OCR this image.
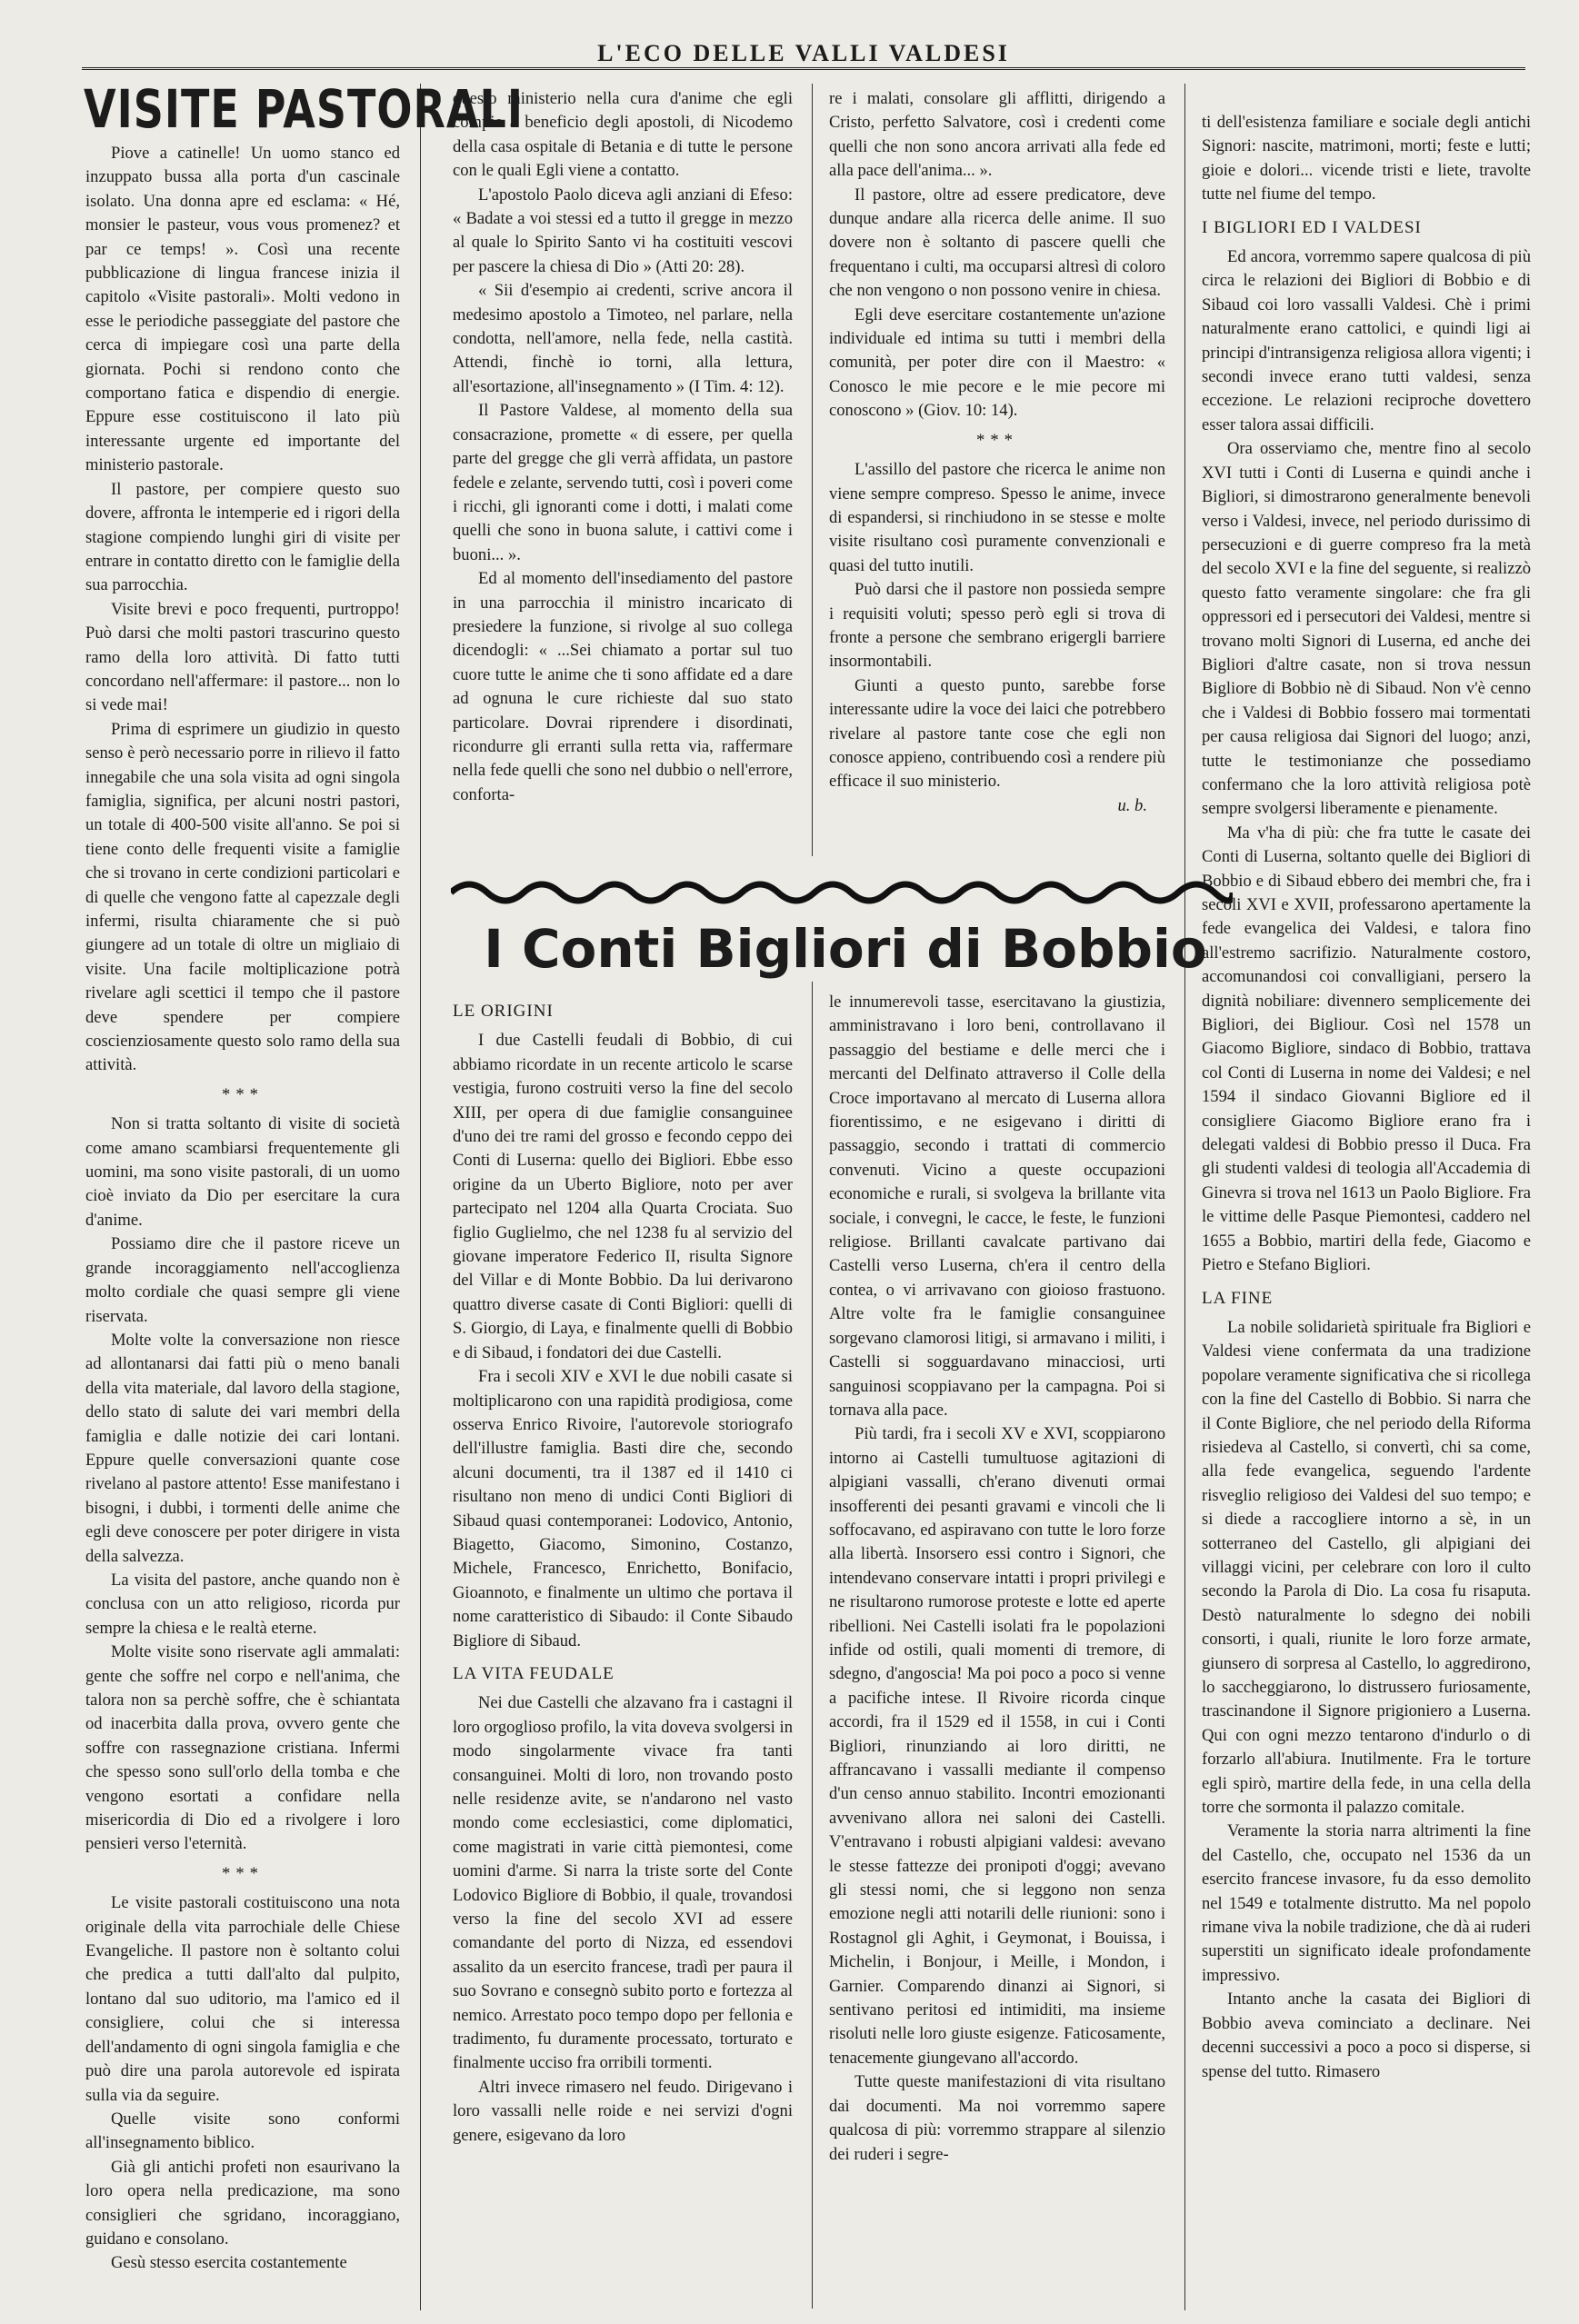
L'ECO DELLE VALLI VALDESI
VISITE PASTORALI

Piove a catinelle! Un uomo stanco ed inzuppato bussa alla porta d'un cascinale isolato. Una donna apre ed esclama: « Hé, monsier le pasteur, vous vous promenez? et par ce temps! ». Così una recente pubblicazione di lingua francese inizia il capitolo «Visite pastorali». Molti vedono in esse le periodiche passeggiate del pastore che cerca di impiegare così una parte della giornata. Pochi si rendono conto che comportano fatica e dispendio di energie. Eppure esse costituiscono il lato più interessante urgente ed importante del ministerio pastorale.

Il pastore, per compiere questo suo dovere, affronta le intemperie ed i rigori della stagione compiendo lunghi giri di visite per entrare in contatto diretto con le famiglie della sua parrocchia.

Visite brevi e poco frequenti, purtroppo! Può darsi che molti pastori trascurino questo ramo della loro attività. Di fatto tutti concordano nell'affermare: il pastore... non lo si vede mai!

Prima di esprimere un giudizio in questo senso è però necessario porre in rilievo il fatto innegabile che una sola visita ad ogni singola famiglia, significa, per alcuni nostri pastori, un totale di 400-500 visite all'anno. Se poi si tiene conto delle frequenti visite a famiglie che si trovano in certe condizioni particolari e di quelle che vengono fatte al capezzale degli infermi, risulta chiaramente che si può giungere ad un totale di oltre un migliaio di visite. Una facile moltiplicazione potrà rivelare agli scettici il tempo che il pastore deve spendere per compiere coscienziosamente questo solo ramo della sua attività.

***

Non si tratta soltanto di visite di società come amano scambiarsi frequentemente gli uomini, ma sono visite pastorali, di un uomo cioè inviato da Dio per esercitare la cura d'anime.

Possiamo dire che il pastore riceve un grande incoraggiamento nell'accoglienza molto cordiale che quasi sempre gli viene riservata.

Molte volte la conversazione non riesce ad allontanarsi dai fatti più o meno banali della vita materiale, dal lavoro della stagione, dello stato di salute dei vari membri della famiglia e dalle notizie dei cari lontani. Eppure quelle conversazioni quante cose rivelano al pastore attento! Esse manifestano i bisogni, i dubbi, i tormenti delle anime che egli deve conoscere per poter dirigere in vista della salvezza.

La visita del pastore, anche quando non è conclusa con un atto religioso, ricorda pur sempre la chiesa e le realtà eterne.

Molte visite sono riservate agli ammalati: gente che soffre nel corpo e nell'anima, che talora non sa perchè soffre, che è schiantata od inacerbita dalla prova, ovvero gente che soffre con rassegnazione cristiana. Infermi che spesso sono sull'orlo della tomba e che vengono esortati a confidare nella misericordia di Dio ed a rivolgere i loro pensieri verso l'eternità.

***

Le visite pastorali costituiscono una nota originale della vita parrochiale delle Chiese Evangeliche. Il pastore non è soltanto colui che predica a tutti dall'alto dal pulpito, lontano dal suo uditorio, ma l'amico ed il consigliere, colui che si interessa dell'andamento di ogni singola famiglia e che può dire una parola autorevole ed ispirata sulla via da seguire.

Quelle visite sono conformi all'insegnamento biblico.

Già gli antichi profeti non esaurivano la loro opera nella predicazione, ma sono consiglieri che sgridano, incoraggiano, guidano e consolano.

Gesù stesso esercita costantemente

questo ministerio nella cura d'anime che egli compie a beneficio degli apostoli, di Nicodemo della casa ospitale di Betania e di tutte le persone con le quali Egli viene a contatto.

L'apostolo Paolo diceva agli anziani di Efeso: « Badate a voi stessi ed a tutto il gregge in mezzo al quale lo Spirito Santo vi ha costituiti vescovi per pascere la chiesa di Dio » (Atti 20: 28).

« Sii d'esempio ai credenti, scrive ancora il medesimo apostolo a Timoteo, nel parlare, nella condotta, nell'amore, nella fede, nella castità. Attendi, finchè io torni, alla lettura, all'esortazione, all'insegnamento » (I Tim. 4: 12).

Il Pastore Valdese, al momento della sua consacrazione, promette « di essere, per quella parte del gregge che gli verrà affidata, un pastore fedele e zelante, servendo tutti, così i poveri come i ricchi, gli ignoranti come i dotti, i malati come quelli che sono in buona salute, i cattivi come i buoni... ».

Ed al momento dell'insediamento del pastore in una parrocchia il ministro incaricato di presiedere la funzione, si rivolge al suo collega dicendogli: « ...Sei chiamato a portar sul tuo cuore tutte le anime che ti sono affidate ed a dare ad ognuna le cure richieste dal suo stato particolare. Dovrai riprendere i disordinati, ricondurre gli erranti sulla retta via, raffermare nella fede quelli che sono nel dubbio o nell'errore, conforta-

re i malati, consolare gli afflitti, dirigendo a Cristo, perfetto Salvatore, così i credenti come quelli che non sono ancora arrivati alla fede ed alla pace dell'anima... ».

Il pastore, oltre ad essere predicatore, deve dunque andare alla ricerca delle anime. Il suo dovere non è soltanto di pascere quelli che frequentano i culti, ma occuparsi altresì di coloro che non vengono o non possono venire in chiesa.

Egli deve esercitare costantemente un'azione individuale ed intima su tutti i membri della comunità, per poter dire con il Maestro: « Conosco le mie pecore e le mie pecore mi conoscono » (Giov. 10: 14).

***

L'assillo del pastore che ricerca le anime non viene sempre compreso. Spesso le anime, invece di espandersi, si rinchiudono in se stesse e molte visite risultano così puramente convenzionali e quasi del tutto inutili.

Può darsi che il pastore non possieda sempre i requisiti voluti; spesso però egli si trova di fronte a persone che sembrano erigergli barriere insormontabili.

Giunti a questo punto, sarebbe forse interessante udire la voce dei laici che potrebbero rivelare al pastore tante cose che egli non conosce appieno, contribuendo così a rendere più efficace il suo ministerio.

u. b.

I Conti Bigliori di Bobbio

LE ORIGINI

I due Castelli feudali di Bobbio, di cui abbiamo ricordate in un recente articolo le scarse vestigia, furono costruiti verso la fine del secolo XIII, per opera di due famiglie consanguinee d'uno dei tre rami del grosso e fecondo ceppo dei Conti di Luserna: quello dei Bigliori. Ebbe esso origine da un Uberto Bigliore, noto per aver partecipato nel 1204 alla Quarta Crociata. Suo figlio Guglielmo, che nel 1238 fu al servizio del giovane imperatore Federico II, risulta Signore del Villar e di Monte Bobbio. Da lui derivarono quattro diverse casate di Conti Bigliori: quelli di S. Giorgio, di Laya, e finalmente quelli di Bobbio e di Sibaud, i fondatori dei due Castelli.

Fra i secoli XIV e XVI le due nobili casate si moltiplicarono con una rapidità prodigiosa, come osserva Enrico Rivoire, l'autorevole storiografo dell'illustre famiglia. Basti dire che, secondo alcuni documenti, tra il 1387 ed il 1410 ci risultano non meno di undici Conti Bigliori di Sibaud quasi contemporanei: Lodovico, Antonio, Biagetto, Giacomo, Simonino, Costanzo, Michele, Francesco, Enrichetto, Bonifacio, Gioannoto, e finalmente un ultimo che portava il nome caratteristico di Sibaudo: il Conte Sibaudo Bigliore di Sibaud.

LA VITA FEUDALE

Nei due Castelli che alzavano fra i castagni il loro orgoglioso profilo, la vita doveva svolgersi in modo singolarmente vivace fra tanti consanguinei. Molti di loro, non trovando posto nelle residenze avite, se n'andarono nel vasto mondo come ecclesiastici, come diplomatici, come magistrati in varie città piemontesi, come uomini d'arme. Si narra la triste sorte del Conte Lodovico Bigliore di Bobbio, il quale, trovandosi verso la fine del secolo XVI ad essere comandante del porto di Nizza, ed essendovi assalito da un esercito francese, tradì per paura il suo Sovrano e consegnò subito porto e fortezza al nemico. Arrestato poco tempo dopo per fellonia e tradimento, fu duramente processato, torturato e finalmente ucciso fra orribili tormenti.

Altri invece rimasero nel feudo. Dirigevano i loro vassalli nelle roide e nei servizi d'ogni genere, esigevano da loro

le innumerevoli tasse, esercitavano la giustizia, amministravano i loro beni, controllavano il passaggio del bestiame e delle merci che i mercanti del Delfinato attraverso il Colle della Croce importavano al mercato di Luserna allora fiorentissimo, e ne esigevano i diritti di passaggio, secondo i trattati di commercio convenuti. Vicino a queste occupazioni economiche e rurali, si svolgeva la brillante vita sociale, i convegni, le cacce, le feste, le funzioni religiose. Brillanti cavalcate partivano dai Castelli verso Luserna, ch'era il centro della contea, o vi arrivavano con gioioso frastuono. Altre volte fra le famiglie consanguinee sorgevano clamorosi litigi, si armavano i militi, i Castelli si sogguardavano minacciosi, urti sanguinosi scoppiavano per la campagna. Poi si tornava alla pace.

Più tardi, fra i secoli XV e XVI, scoppiarono intorno ai Castelli tumultuose agitazioni di alpigiani vassalli, ch'erano divenuti ormai insofferenti dei pesanti gravami e vincoli che li soffocavano, ed aspiravano con tutte le loro forze alla libertà. Insorsero essi contro i Signori, che intendevano conservare intatti i propri privilegi e ne risultarono rumorose proteste e lotte ed aperte ribellioni. Nei Castelli isolati fra le popolazioni infide od ostili, quali momenti di tremore, di sdegno, d'angoscia! Ma poi poco a poco si venne a pacifiche intese. Il Rivoire ricorda cinque accordi, fra il 1529 ed il 1558, in cui i Conti Bigliori, rinunziando ai loro diritti, ne affrancavano i vassalli mediante il compenso d'un censo annuo stabilito. Incontri emozionanti avvenivano allora nei saloni dei Castelli. V'entravano i robusti alpigiani valdesi: avevano le stesse fattezze dei pronipoti d'oggi; avevano gli stessi nomi, che si leggono non senza emozione negli atti notarili delle riunioni: sono i Rostagnol gli Aghit, i Geymonat, i Bouissa, i Michelin, i Bonjour, i Meille, i Mondon, i Garnier. Comparendo dinanzi ai Signori, si sentivano peritosi ed intimiditi, ma insieme risoluti nelle loro giuste esigenze. Faticosamente, tenacemente giungevano all'accordo.

Tutte queste manifestazioni di vita risultano dai documenti. Ma noi vorremmo sapere qualcosa di più: vorremmo strappare al silenzio dei ruderi i segre-

ti dell'esistenza familiare e sociale degli antichi Signori: nascite, matrimoni, morti; feste e lutti; gioie e dolori... vicende tristi e liete, travolte tutte nel fiume del tempo.

I BIGLIORI ED I VALDESI

Ed ancora, vorremmo sapere qualcosa di più circa le relazioni dei Bigliori di Bobbio e di Sibaud coi loro vassalli Valdesi. Chè i primi naturalmente erano cattolici, e quindi ligi ai principi d'intransigenza religiosa allora vigenti; i secondi invece erano tutti valdesi, senza eccezione. Le relazioni reciproche dovettero esser talora assai difficili.

Ora osserviamo che, mentre fino al secolo XVI tutti i Conti di Luserna e quindi anche i Bigliori, si dimostrarono generalmente benevoli verso i Valdesi, invece, nel periodo durissimo di persecuzioni e di guerre compreso fra la metà del secolo XVI e la fine del seguente, si realizzò questo fatto veramente singolare: che fra gli oppressori ed i persecutori dei Valdesi, mentre si trovano molti Signori di Luserna, ed anche dei Bigliori d'altre casate, non si trova nessun Bigliore di Bobbio nè di Sibaud. Non v'è cenno che i Valdesi di Bobbio fossero mai tormentati per causa religiosa dai Signori del luogo; anzi, tutte le testimonianze che possediamo confermano che la loro attività religiosa potè sempre svolgersi liberamente e pienamente.

Ma v'ha di più: che fra tutte le casate dei Conti di Luserna, soltanto quelle dei Bigliori di Bobbio e di Sibaud ebbero dei membri che, fra i secoli XVI e XVII, professarono apertamente la fede evangelica dei Valdesi, e talora fino all'estremo sacrifizio. Naturalmente costoro, accomunandosi coi convalligiani, persero la dignità nobiliare: divennero semplicemente dei Bigliori, dei Bigliour. Così nel 1578 un Giacomo Bigliore, sindaco di Bobbio, trattava col Conti di Luserna in nome dei Valdesi; e nel 1594 il sindaco Giovanni Bigliore ed il consigliere Giacomo Bigliore erano fra i delegati valdesi di Bobbio presso il Duca. Fra gli studenti valdesi di teologia all'Accademia di Ginevra si trova nel 1613 un Paolo Bigliore. Fra le vittime delle Pasque Piemontesi, caddero nel 1655 a Bobbio, martiri della fede, Giacomo e Pietro e Stefano Bigliori.

LA FINE

La nobile solidarietà spirituale fra Bigliori e Valdesi viene confermata da una tradizione popolare veramente significativa che si ricollega con la fine del Castello di Bobbio. Si narra che il Conte Bigliore, che nel periodo della Riforma risiedeva al Castello, si convertì, chi sa come, alla fede evangelica, seguendo l'ardente risveglio religioso dei Valdesi del suo tempo; e si diede a raccogliere intorno a sè, in un sotterraneo del Castello, gli alpigiani dei villaggi vicini, per celebrare con loro il culto secondo la Parola di Dio. La cosa fu risaputa. Destò naturalmente lo sdegno dei nobili consorti, i quali, riunite le loro forze armate, giunsero di sorpresa al Castello, lo aggredirono, lo saccheggiarono, lo distrussero furiosamente, trascinandone il Signore prigioniero a Luserna. Qui con ogni mezzo tentarono d'indurlo o di forzarlo all'abiura. Inutilmente. Fra le torture egli spirò, martire della fede, in una cella della torre che sormonta il palazzo comitale.

Veramente la storia narra altrimenti la fine del Castello, che, occupato nel 1536 da un esercito francese invasore, fu da esso demolito nel 1549 e totalmente distrutto. Ma nel popolo rimane viva la nobile tradizione, che dà ai ruderi superstiti un significato ideale profondamente impressivo.

Intanto anche la casata dei Bigliori di Bobbio aveva cominciato a declinare. Nei decenni successivi a poco a poco si disperse, si spense del tutto. Rimasero
